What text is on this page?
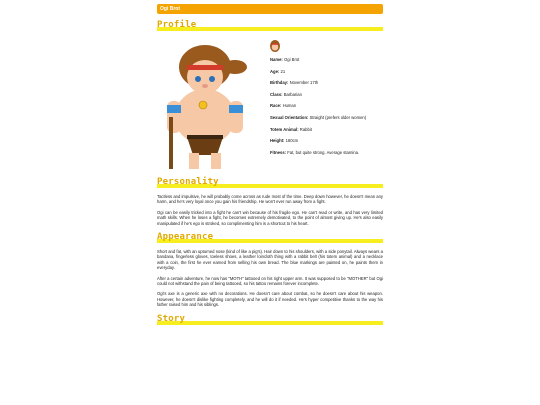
Ogi Brot
Profile
Name: Ogi Brot
Age: 21
Birthday: November 17th
Class: Barbarian
Race: Human
Sexual Orientation: Straight (prefers older women)
Totem Animal: Rabbit
Height: 160cm
Fitness: Fat, but quite strong. Average stamina.
Personality

Tactless and impulsive, he will probably come across as rude most of the time. Deep down however, he doesn't mean any harm, and he's very loyal once you gain his friendship. He won't ever run away from a fight.

Ogi can be easily tricked into a fight he can't win because of his fragile ego. He can't read or write, and has very limited math skills. When he loses a fight, he becomes extremely demotivated, to the point of almost giving up. He's also easily manipulated if he's ego is stroked, so complimenting him is a shortcut to his heart.

Appearance

Short and fat, with an upturned nose (kind of like a pig's). Hair down to his shoulders, with a side ponytail. Always wears a bandana, fingerless gloves, toeless shoes, a leather loincloth thing with a rabbit belt (his totem animal) and a necklace with a coin, the first he ever earned from selling his own bread. The blue markings are painted on, he paints them in everyday.

After a certain adventure, he now has "MOTH" tattooed on his right upper arm. It was supposed to be "MOTHER" but Ogi could not withstand the pain of being tattooed, so his tattoo remains forever incomplete.

Ogi's axe is a generic axe with no decorations. He doesn't care about combat, so he doesn't care about his weapon. However, he doesn't dislike fighting completely, and he will do it if needed. He's hyper competitive thanks to the way his father raised him and his siblings.

Story
